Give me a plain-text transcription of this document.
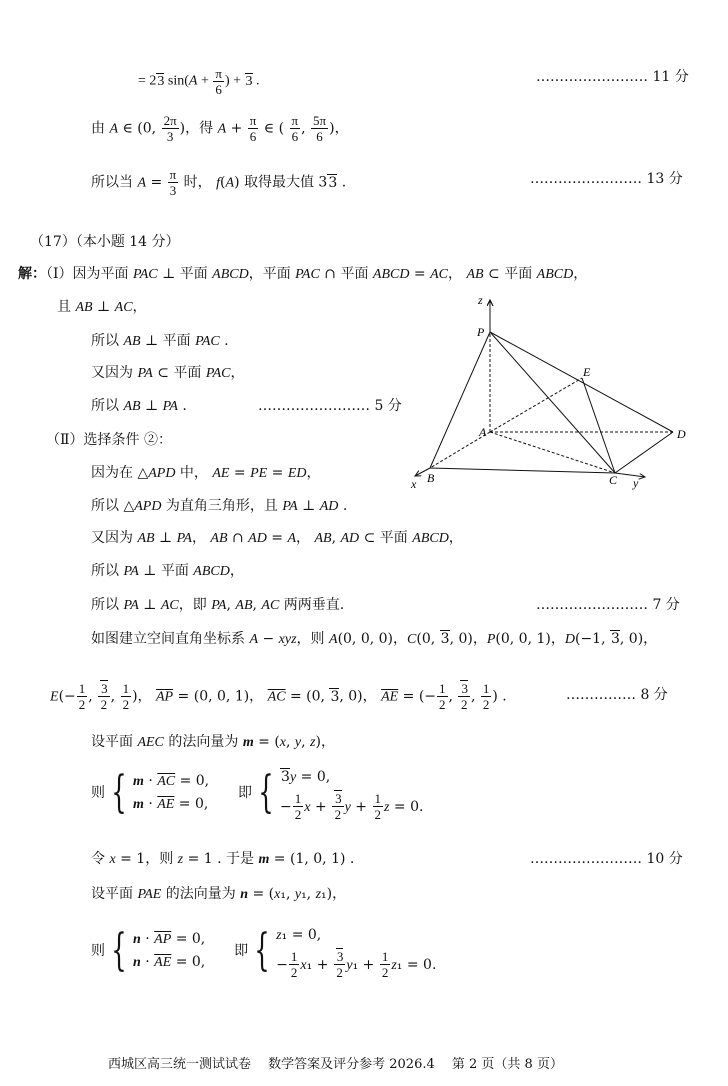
= 23 $\sin(A + \frac{\pi}{6}$ ) + 3 .	…………………… 11 分
由 A ∈ (0, $\frac{2\pi}{3}$ )，得 $A + \frac{\pi}{6}$ ∈ ( $\frac{\pi}{6}$ , $\frac{5\pi}{6}$ )，
所以当 $A = \frac{\pi}{3}$ 时， f(A) 取得最大值 33 .	…………………… 13 分
（17）（本小题 14 分）
解：（Ⅰ）因为平面 PAC ⊥ 平面 ABCD，平面 PAC ∩ 平面 ABCD = AC， AB ⊂ 平面 ABCD，
且 AB ⊥ AC，
所以 AB ⊥ 平面 PAC .
又因为 PA ⊂ 平面 PAC，
所以 AB ⊥ PA .	…………………… 5 分
（Ⅱ）选择条件 ②：
因为在 △APD 中， AE = PE = ED，
所以 △APD 为直角三角形，且 PA ⊥ AD .
又因为 AB ⊥ PA， AB ∩ AD = A， AB, AD ⊂ 平面 ABCD，
所以 PA ⊥ 平面 ABCD，
所以 PA ⊥ AC，即 PA, AB, AC 两两垂直.	…………………… 7 分
如图建立空间直角坐标系 A − xyz，则 A(0, 0, 0)，C(0, 3, 0)，P(0, 0, 1)，D(−1, 3, 0)，
$E(- \frac{1}{2}$ , $\frac{3}{2}$ , $\frac{1}{2}$ )， $\overline{AP} = (0$, 0, 1)， $\overline{AC} = (0$, 3, 0)， $\overline{AE}$ = (− $\frac{1}{2}$ , $\frac{3}{2}$ , $\frac{1}{2}$ ) .	…………… 8 分
设平面 AEC 的法向量为 m = (x, y, z)，
则 { $m \cdot \overline{AC} = 0$,
$m \cdot \overline{AE} = 0$,  即 { 3y = 0,
− $\frac{1}{2}$ $x + \frac{3}{2}$ $y + \frac{1}{2}$ z = 0.
令 x = 1，则 z = 1 . 于是 m = (1, 0, 1) .	…………………… 10 分
设平面 PAE 的法向量为 n = (x₁, y₁, z₁)，
则 { $n \cdot \overline{AP} = 0$,
$n \cdot \overline{AE} = 0$,  即 { z₁ = 0,
− $\frac{1}{2} x_1 + \frac{3}{2} y_1 + \frac{1}{2} z_1 = 0$.
西城区高三统一测试试卷　 数学答案及评分参考 2026.4　 第 2 页（共 8 页）
z
P
E
A	D
B	C
x	y
